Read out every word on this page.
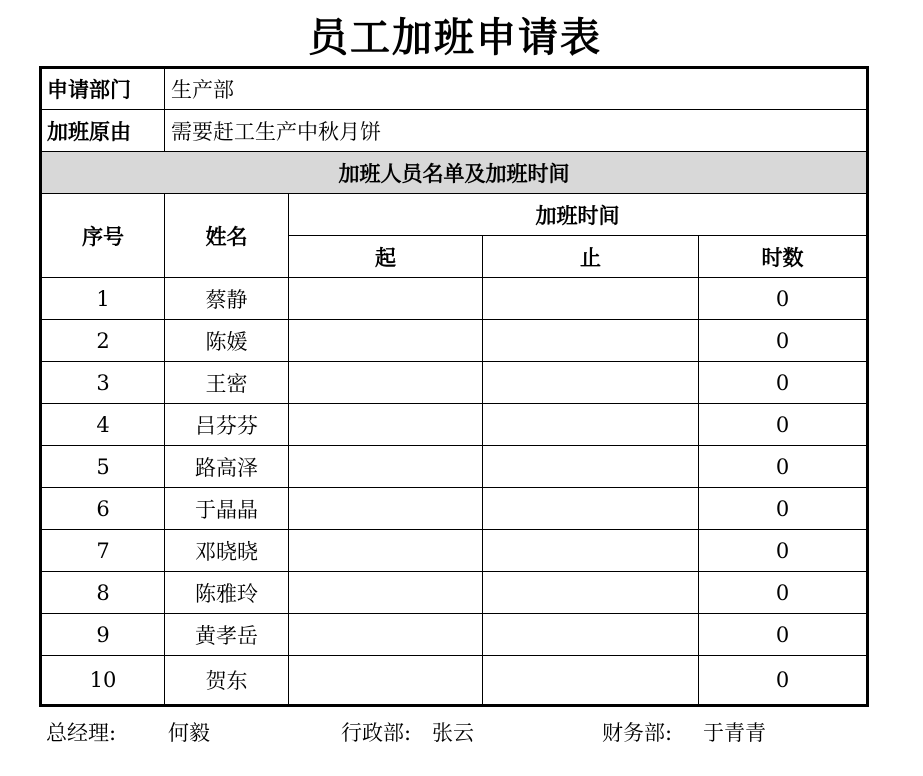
员工加班申请表
申请部门	生产部			
加班原由	需要赶工生产中秋月饼			
加班人员名单及加班时间				
序号	姓名	加班时间		
		起	止	时数
1	蔡静			0
2	陈媛			0
3	王密			0
4	吕芬芬			0
5	路高泽			0
6	于晶晶			0
7	邓晓晓			0
8	陈雅玲			0
9	黄孝岳			0
10	贺东			0
总经理: 何毅	行政部: 张云	财务部: 于青青
